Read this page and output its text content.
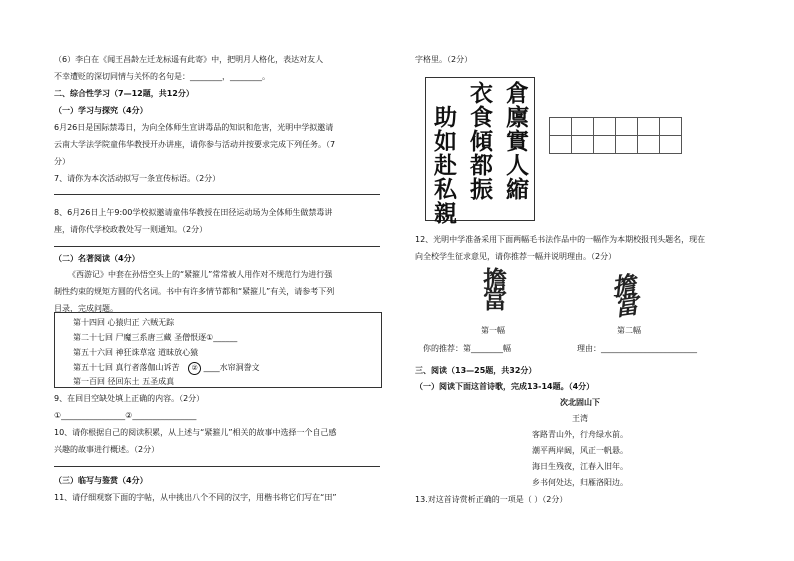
（6）李白在《闻王昌龄左迁龙标遥有此寄》中，把明月人格化，表达对友人
不幸遭贬的深切同情与关怀的名句是：________，________。
二、综合性学习（7—12题，共12分）
（一）学习与探究（4分）
6月26日是国际禁毒日，为向全体师生宣讲毒品的知识和危害，光明中学拟邀请
云南大学法学院童伟华教授开办讲座，请你参与活动并按要求完成下列任务。（7
分）
7、请你为本次活动拟写一条宣传标语。（2分）
8、6月26日上午9:00学校拟邀请童伟华教授在田径运动场为全体师生做禁毒讲
座，请你代学校政教处写一则通知。（2分）
（二）名著阅读（4分）
《西游记》中套在孙悟空头上的“紧箍儿”常常被人用作对不规范行为进行强
制性约束的规矩方圆的代名词。书中有许多情节都和“紧箍儿”有关，请参考下列
目录，完成问题。
第十四回 心猿归正 六贼无踪
第二十七回 尸魔三系唐三藏 圣僧恨逐①______
第五十六回 神狂诛草寇 道昧放心猿
第五十七回 真行者落伽山诉苦 ② ____水帘洞誊文
第一百回 径回东土 五圣成真
9、在回目空缺处填上正确的内容。（2分）
①________________②________________
10、请你根据自己的阅读积累，从上述与“紧箍儿”相关的故事中选择一个自己感
兴趣的故事进行概述。（2分）
（三）临写与鉴赏（4分）
11、请仔细观察下面的字帖，从中挑出八个不同的汉字，用楷书将它们写在“田”
字格里。（2分）
倉廪實人縮
衣食傾都振
助如赴私親

12、光明中学准备采用下面两幅毛书法作品中的一幅作为本期校报刊头题名，现在
向全校学生征求意见，请你推荐一幅并说明理由。（2分）
擔當	擔當
第一幅	第二幅
你的推荐：第________幅	理由：________________________
三、阅读（13—25题，共32分）
（一）阅读下面这首诗歌，完成13-14题。（4分）
次北固山下
王湾
客路青山外，行舟绿水前。
潮平两岸阔，风正一帆悬。
海日生残夜，江春入旧年。
乡书何处达，归雁洛阳边。
13.对这首诗赏析正确的一项是（ ）（2分）
